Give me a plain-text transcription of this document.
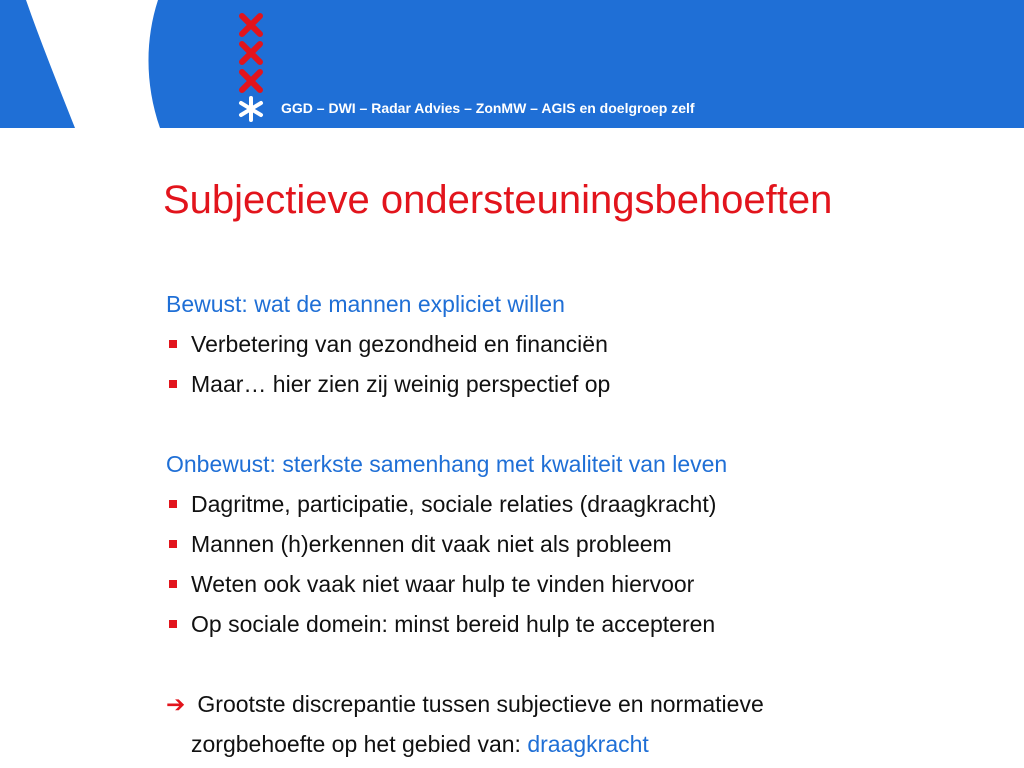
GGD – DWI – Radar Advies – ZonMW – AGIS en doelgroep zelf
Subjectieve ondersteuningsbehoeften
Bewust: wat de mannen expliciet willen
Verbetering van gezondheid en financiën
Maar… hier zien zij weinig perspectief op
Onbewust: sterkste samenhang met kwaliteit van leven
Dagritme, participatie, sociale relaties (draagkracht)
Mannen (h)erkennen dit vaak niet als probleem
Weten ook vaak niet waar hulp te vinden hiervoor
Op sociale domein: minst bereid hulp te accepteren
➔ Grootste discrepantie tussen subjectieve en normatieve
zorgbehoefte op het gebied van: draagkracht
